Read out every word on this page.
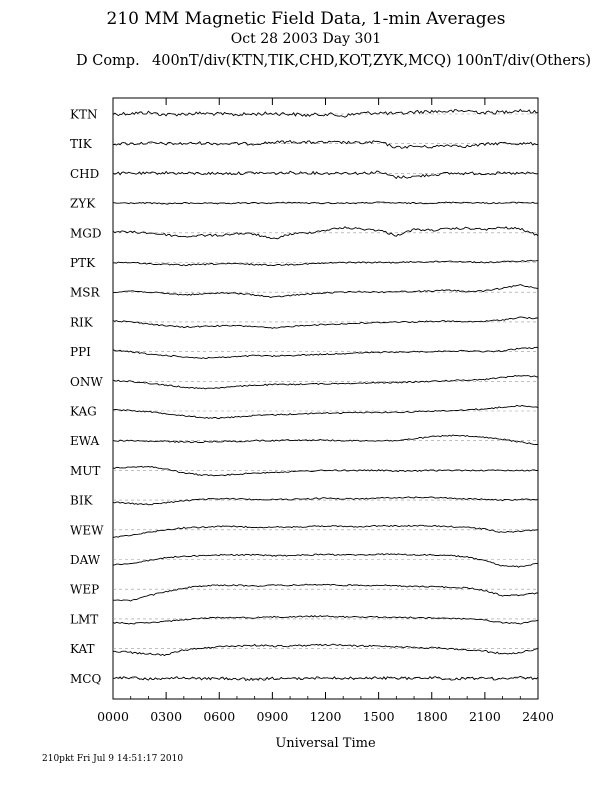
210 MM Magnetic Field Data, 1-min Averages
Oct 28 2003 Day 301
D Comp. 400nT/div(KTN,TIK,CHD,KOT,ZYK,MCQ) 100nT/div(Others)
0000 0300 0600 0900 1200 1500 1800 2100 2400
Universal Time
KTN
TIK
CHD
ZYK
MGD
PTK
MSR
RIK
PPI
ONW
KAG
EWA
MUT
BIK
WEW
DAW
WEP
LMT
KAT
MCQ
210pkt Fri Jul 9 14:51:17 2010
